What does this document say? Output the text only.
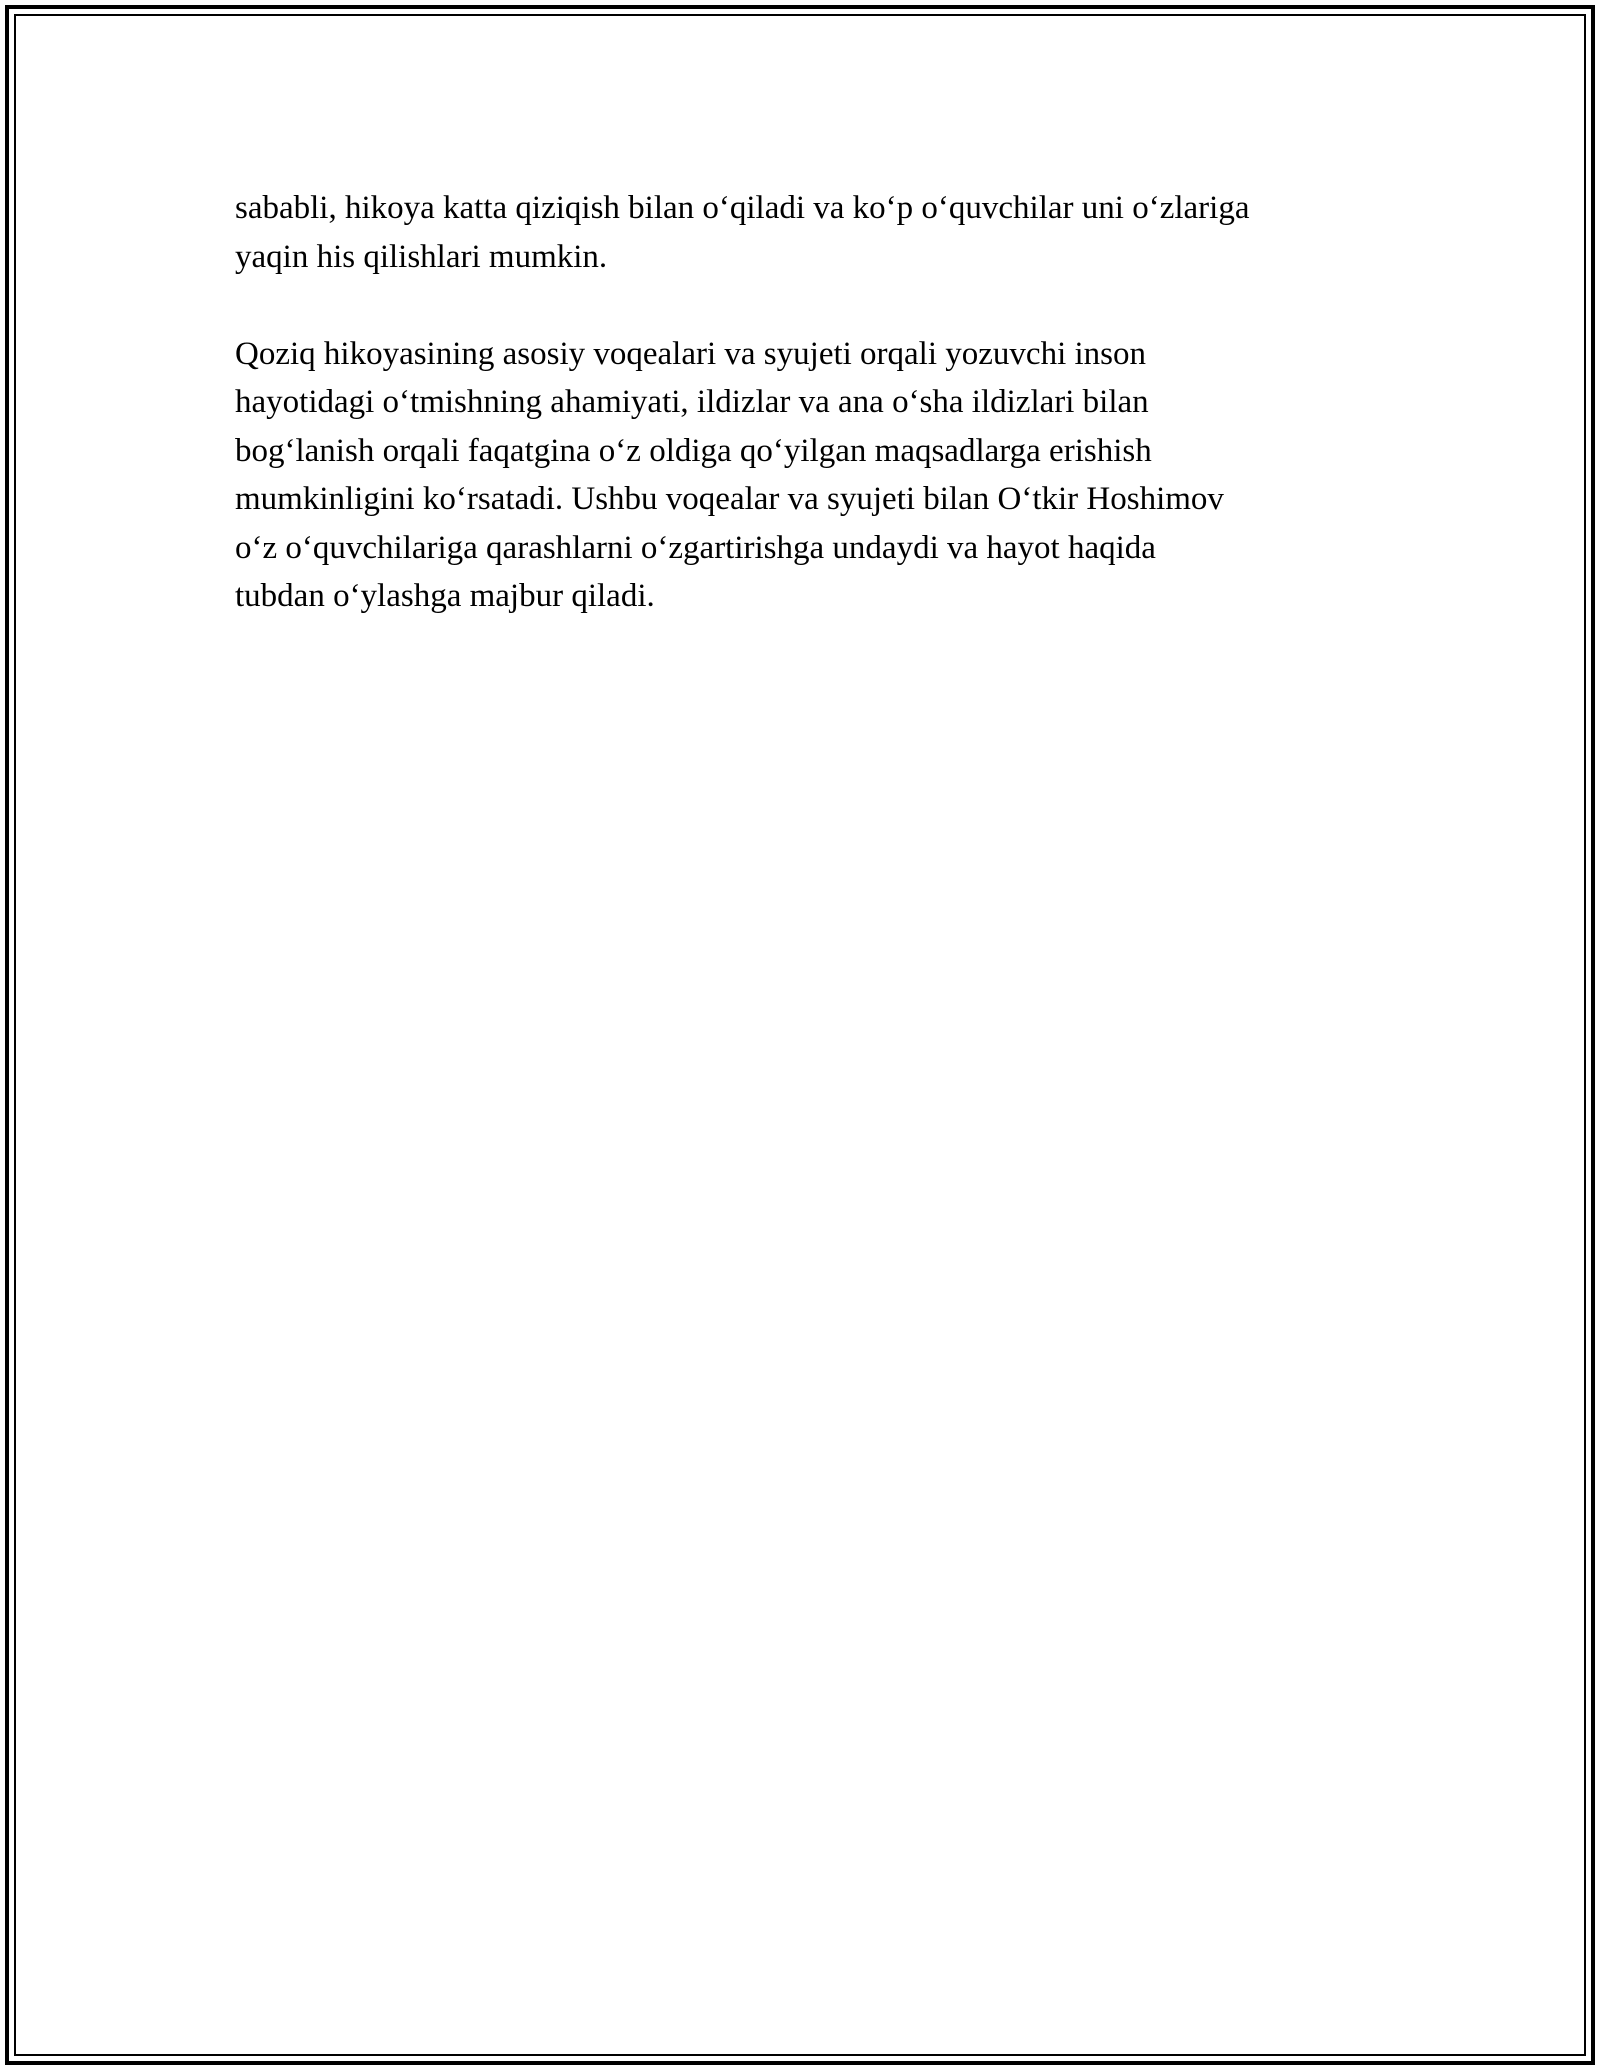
sababli, hikoya katta qiziqish bilan o‘qiladi va ko‘p o‘quvchilar uni o‘zlariga
yaqin his qilishlari mumkin.

Qoziq hikoyasining asosiy voqealari va syujeti orqali yozuvchi inson
hayotidagi o‘tmishning ahamiyati, ildizlar va ana o‘sha ildizlari bilan
bog‘lanish orqali faqatgina o‘z oldiga qo‘yilgan maqsadlarga erishish
mumkinligini ko‘rsatadi. Ushbu voqealar va syujeti bilan O‘tkir Hoshimov
o‘z o‘quvchilariga qarashlarni o‘zgartirishga undaydi va hayot haqida
tubdan o‘ylashga majbur qiladi.
